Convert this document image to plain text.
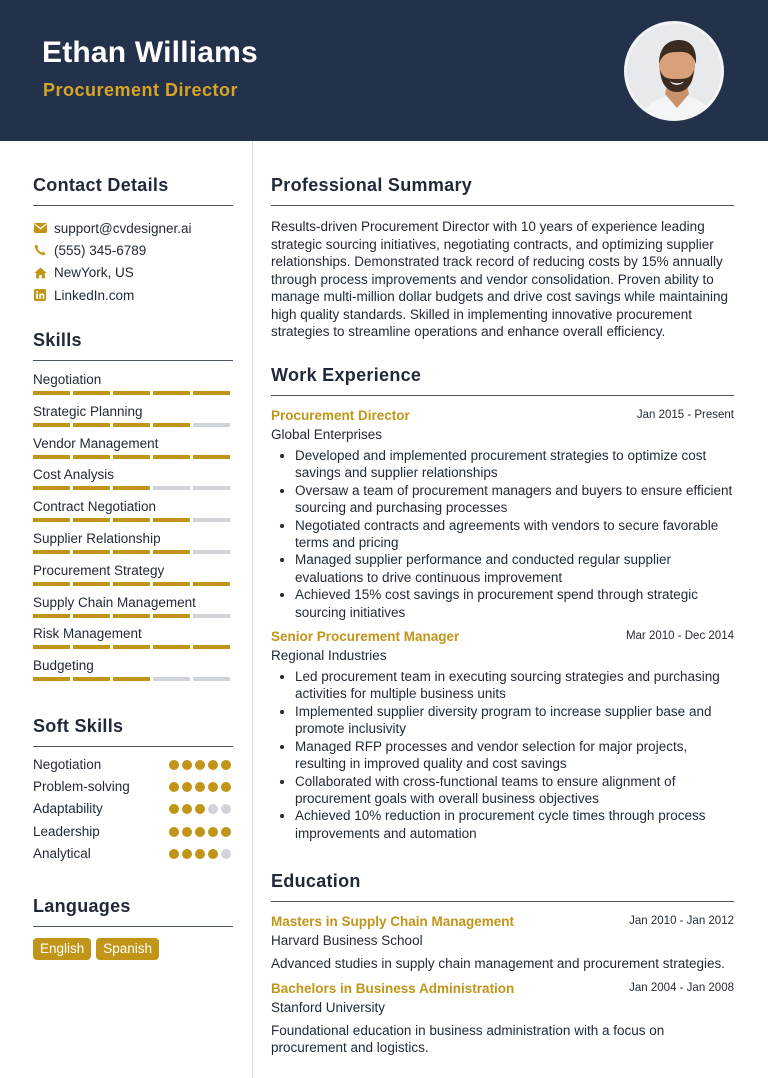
Ethan Williams
Procurement Director
Contact Details
support@cvdesigner.ai
(555) 345-6789
NewYork, US
LinkedIn.com
Skills
Negotiation
Strategic Planning
Vendor Management
Cost Analysis
Contract Negotiation
Supplier Relationship
Procurement Strategy
Supply Chain Management
Risk Management
Budgeting
Soft Skills
Negotiation
Problem-solving
Adaptability
Leadership
Analytical
Languages
English	Spanish
Professional Summary
Results-driven Procurement Director with 10 years of experience leading strategic sourcing initiatives, negotiating contracts, and optimizing supplier relationships. Demonstrated track record of reducing costs by 15% annually through process improvements and vendor consolidation. Proven ability to manage multi-million dollar budgets and drive cost savings while maintaining high quality standards. Skilled in implementing innovative procurement strategies to streamline operations and enhance overall efficiency.
Work Experience
Procurement Director	Jan 2015 - Present
Global Enterprises
• Developed and implemented procurement strategies to optimize cost savings and supplier relationships
• Oversaw a team of procurement managers and buyers to ensure efficient sourcing and purchasing processes
• Negotiated contracts and agreements with vendors to secure favorable terms and pricing
• Managed supplier performance and conducted regular supplier evaluations to drive continuous improvement
• Achieved 15% cost savings in procurement spend through strategic sourcing initiatives
Senior Procurement Manager	Mar 2010 - Dec 2014
Regional Industries
• Led procurement team in executing sourcing strategies and purchasing activities for multiple business units
• Implemented supplier diversity program to increase supplier base and promote inclusivity
• Managed RFP processes and vendor selection for major projects, resulting in improved quality and cost savings
• Collaborated with cross-functional teams to ensure alignment of procurement goals with overall business objectives
• Achieved 10% reduction in procurement cycle times through process improvements and automation
Education
Masters in Supply Chain Management	Jan 2010 - Jan 2012
Harvard Business School
Advanced studies in supply chain management and procurement strategies.
Bachelors in Business Administration	Jan 2004 - Jan 2008
Stanford University
Foundational education in business administration with a focus on procurement and logistics.
